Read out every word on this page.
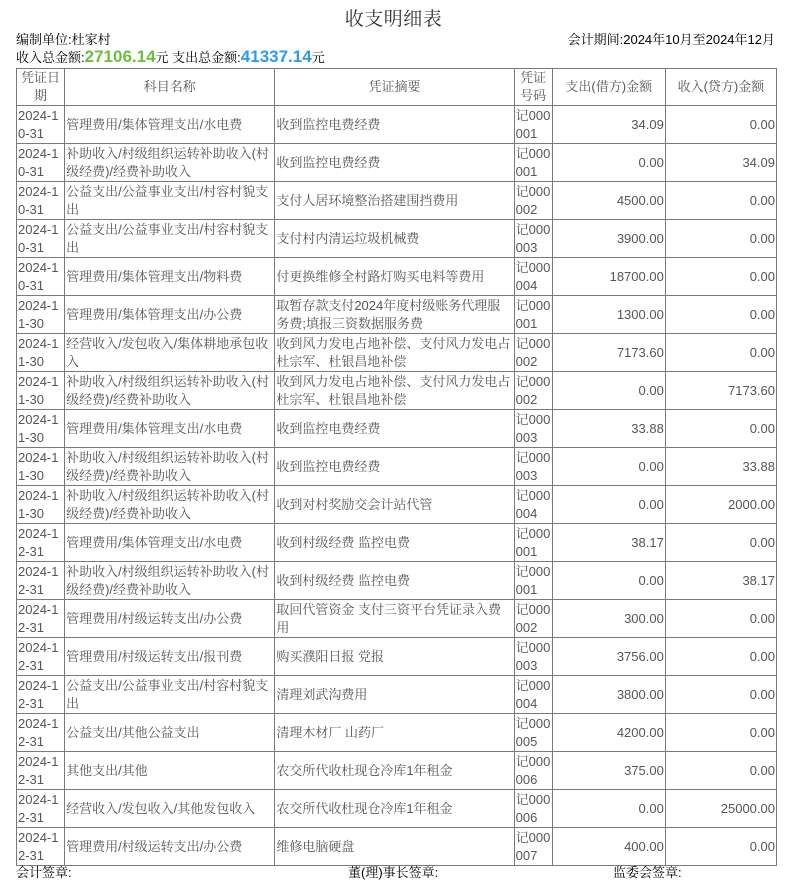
收支明细表
编制单位:杜家村	会计期间:2024年10月至2024年12月
收入总金额:27106.14元 支出总金额:41337.14元
凭证日期	科目名称	凭证摘要	凭证号码	支出(借方)金额	收入(贷方)金额
2024-10-31	管理费用/集体管理支出/水电费	收到监控电费经费	记000001	34.09	0.00
2024-10-31	补助收入/村级组织运转补助收入(村级经费)/经费补助收入	收到监控电费经费	记000001	0.00	34.09
2024-10-31	公益支出/公益事业支出/村容村貌支出	支付人居环境整治搭建围挡费用	记000002	4500.00	0.00
2024-10-31	公益支出/公益事业支出/村容村貌支出	支付村内清运垃圾机械费	记000003	3900.00	0.00
2024-10-31	管理费用/集体管理支出/物料费	付更换维修全村路灯购买电料等费用	记000004	18700.00	0.00
2024-11-30	管理费用/集体管理支出/办公费	取暂存款支付2024年度村级账务代理服务费;填报三资数据服务费	记000001	1300.00	0.00
2024-11-30	经营收入/发包收入/集体耕地承包收入	收到风力发电占地补偿、支付风力发电占杜宗军、杜银昌地补偿	记000002	7173.60	0.00
2024-11-30	补助收入/村级组织运转补助收入(村级经费)/经费补助收入	收到风力发电占地补偿、支付风力发电占杜宗军、杜银昌地补偿	记000002	0.00	7173.60
2024-11-30	管理费用/集体管理支出/水电费	收到监控电费经费	记000003	33.88	0.00
2024-11-30	补助收入/村级组织运转补助收入(村级经费)/经费补助收入	收到监控电费经费	记000003	0.00	33.88
2024-11-30	补助收入/村级组织运转补助收入(村级经费)/经费补助收入	收到对村奖励交会计站代管	记000004	0.00	2000.00
2024-12-31	管理费用/集体管理支出/水电费	收到村级经费 监控电费	记000001	38.17	0.00
2024-12-31	补助收入/村级组织运转补助收入(村级经费)/经费补助收入	收到村级经费 监控电费	记000001	0.00	38.17
2024-12-31	管理费用/村级运转支出/办公费	取回代管资金 支付三资平台凭证录入费用	记000002	300.00	0.00
2024-12-31	管理费用/村级运转支出/报刊费	购买濮阳日报 党报	记000003	3756.00	0.00
2024-12-31	公益支出/公益事业支出/村容村貌支出	清理刘武沟费用	记000004	3800.00	0.00
2024-12-31	公益支出/其他公益支出	清理木材厂 山药厂	记000005	4200.00	0.00
2024-12-31	其他支出/其他	农交所代收杜现仓冷库1年租金	记000006	375.00	0.00
2024-12-31	经营收入/发包收入/其他发包收入	农交所代收杜现仓冷库1年租金	记000006	0.00	25000.00
2024-12-31	管理费用/村级运转支出/办公费	维修电脑硬盘	记000007	400.00	0.00
会计签章:	董(理)事长签章:	监委会签章:
